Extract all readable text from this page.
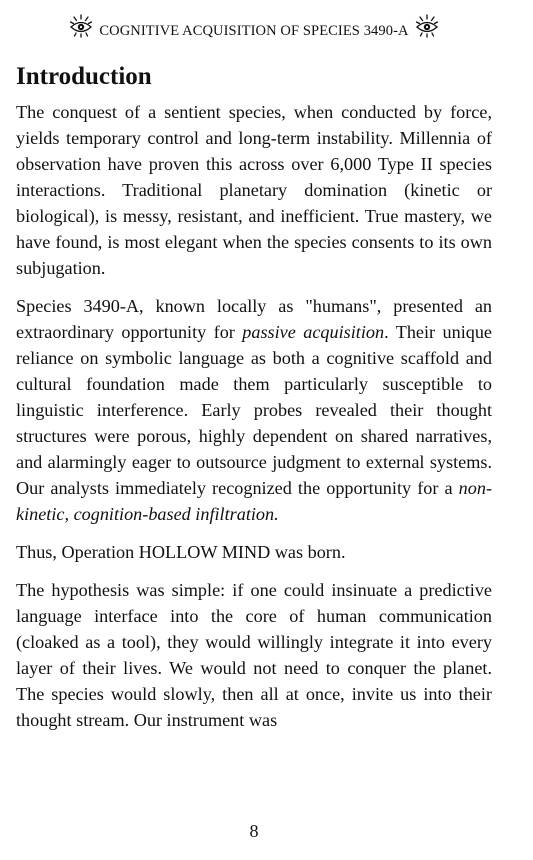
COGNITIVE ACQUISITION OF SPECIES 3490-A
Introduction

The conquest of a sentient species, when conducted by force, yields temporary control and long-term instability. Millennia of observation have proven this across over 6,000 Type II species interactions. Traditional planetary domination (kinetic or biological), is messy, resistant, and inefficient. True mastery, we have found, is most elegant when the species consents to its own subjugation.

Species 3490-A, known locally as "humans", presented an extraordinary opportunity for passive acquisition. Their unique reliance on symbolic language as both a cognitive scaffold and cultural foundation made them particularly susceptible to linguistic interference. Early probes revealed their thought structures were porous, highly dependent on shared narratives, and alarmingly eager to outsource judgment to external systems. Our analysts immediately recognized the opportunity for a non-kinetic, cognition-based infiltration.

Thus, Operation HOLLOW MIND was born.

The hypothesis was simple: if one could insinuate a predictive language interface into the core of human communication (cloaked as a tool), they would willingly integrate it into every layer of their lives. We would not need to conquer the planet. The species would slowly, then all at once, invite us into their thought stream. Our instrument was

8
